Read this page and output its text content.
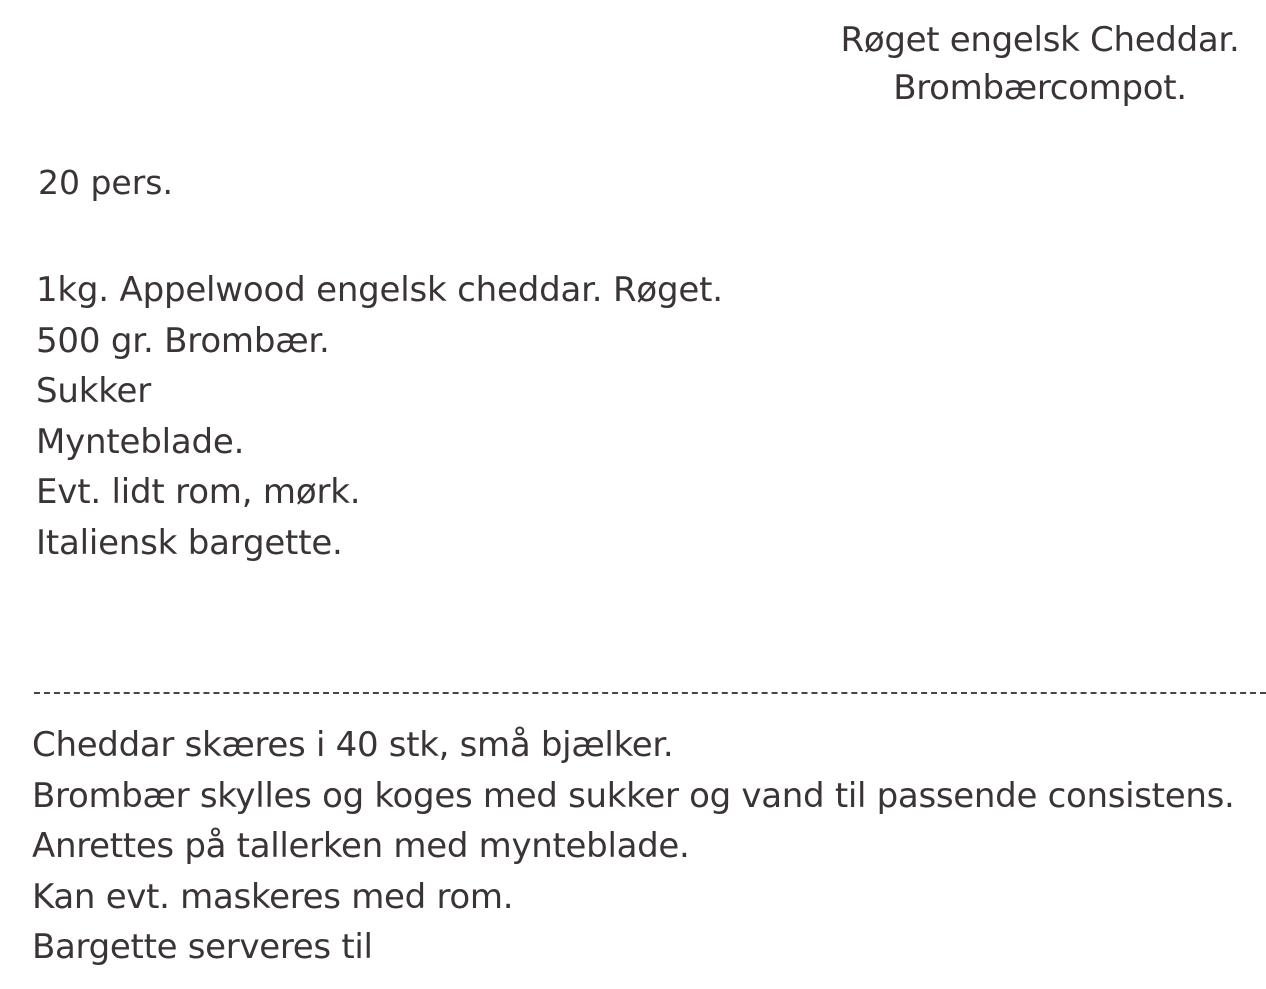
Røget engelsk Cheddar.
Brombærcompot.
20 pers.
1kg. Appelwood engelsk cheddar. Røget.
500 gr. Brombær.
Sukker
Mynteblade.
Evt. lidt rom, mørk.
Italiensk bargette.
Cheddar skæres i 40 stk, små bjælker.
Brombær skylles og koges med sukker og vand til passende consistens.
Anrettes på tallerken med mynteblade.
Kan evt. maskeres med rom.
Bargette serveres til
